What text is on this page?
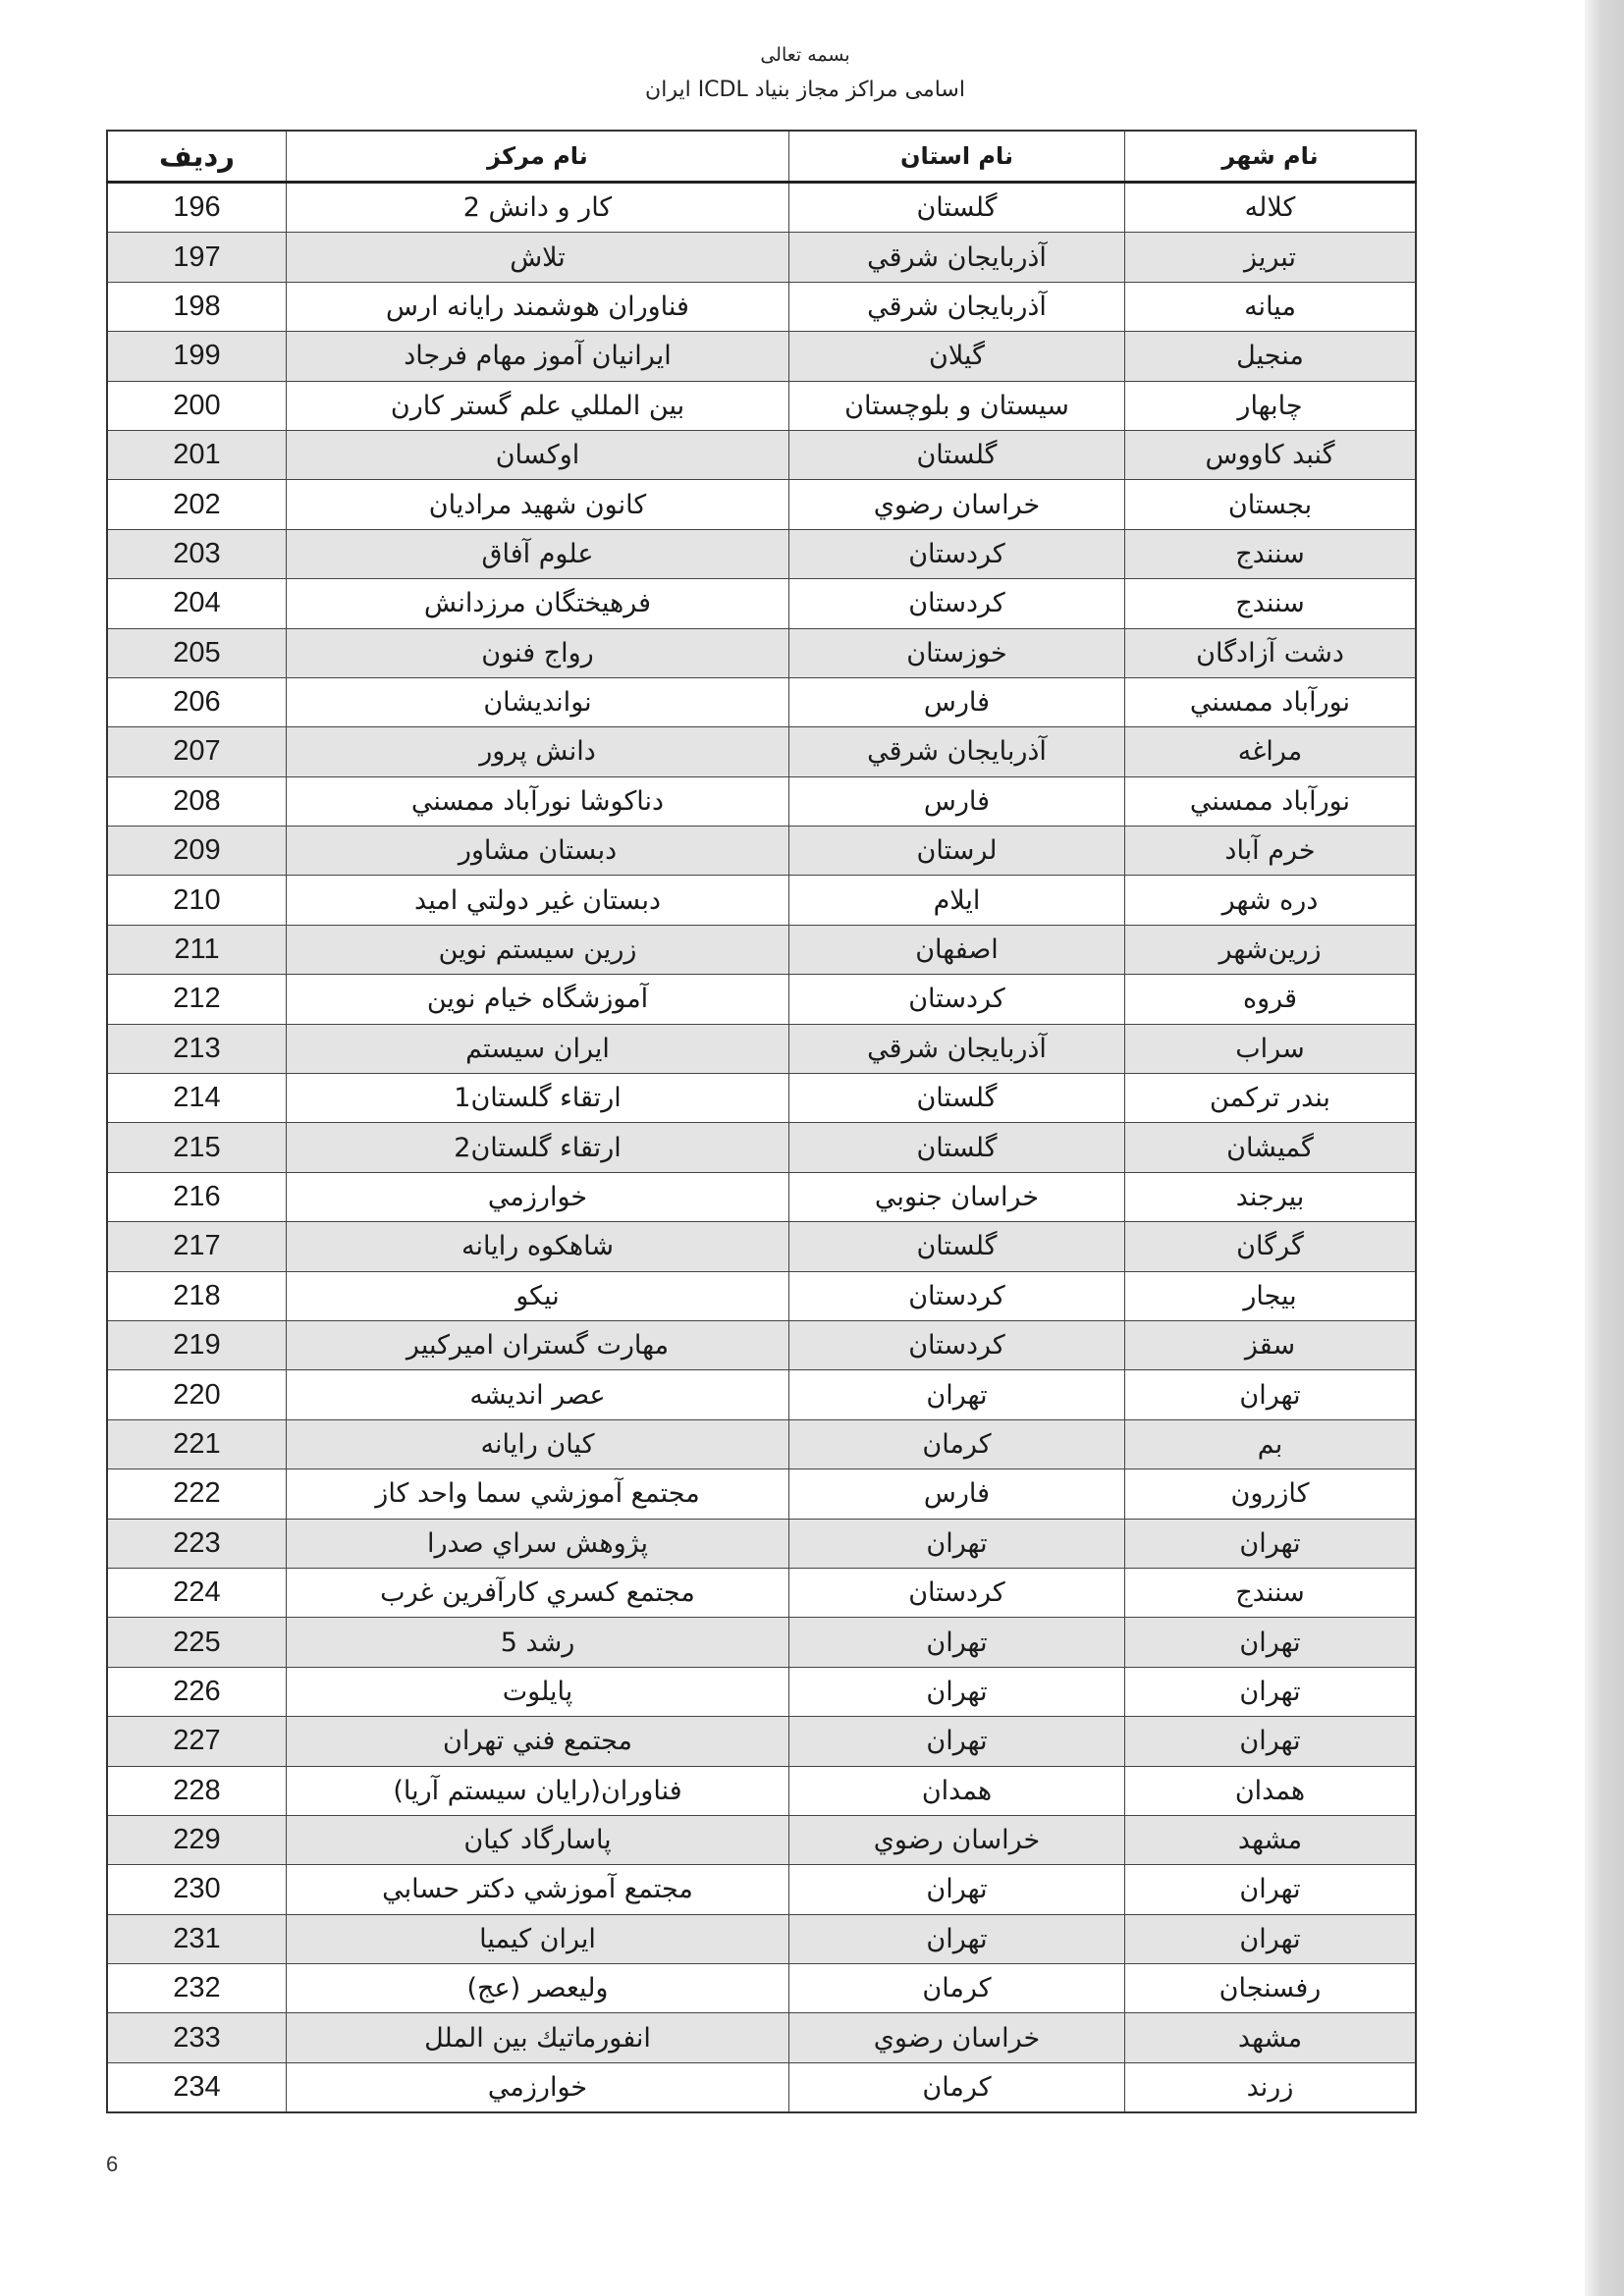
بسمه تعالی
اسامی مراکز مجاز بنیاد ICDL ایران
ردیف	نام مرکز	نام استان	نام شهر
196	کار و دانش 2	گلستان	کلاله
197	تلاش	آذربايجان شرقي	تبریز
198	فناوران هوشمند رایانه ارس	آذربايجان شرقي	میانه
199	ایرانیان آموز مهام فرجاد	گیلان	منجیل
200	بین المللي علم گستر کارن	سیستان و بلوچستان	چابهار
201	اوکسان	گلستان	گنبد کاووس
202	کانون شهید مرادیان	خراسان رضوي	بجستان
203	علوم آفاق	کردستان	سنندج
204	فرهیختگان مرزدانش	کردستان	سنندج
205	رواج فنون	خوزستان	دشت آزادگان
206	نواندیشان	فارس	نورآباد ممسني
207	دانش پرور	آذربايجان شرقي	مراغه
208	دناکوشا نورآباد ممسني	فارس	نورآباد ممسني
209	دبستان مشاور	لرستان	خرم آباد
210	دبستان غیر دولتي امید	ایلام	دره شهر
211	زرین سیستم نوین	اصفهان	زرین‌شهر
212	آموزشگاه خیام نوین	کردستان	قروه
213	ایران سیستم	آذربايجان شرقي	سراب
214	ارتقاء گلستان1	گلستان	بندر ترکمن
215	ارتقاء گلستان2	گلستان	گمیشان
216	خوارزمي	خراسان جنوبي	بیرجند
217	شاهکوه رایانه	گلستان	گرگان
218	نیکو	کردستان	بیجار
219	مهارت گستران امیرکبیر	کردستان	سقز
220	عصر اندیشه	تهران	تهران
221	کیان رایانه	کرمان	بم
222	مجتمع آموزشي سما واحد کاز	فارس	کازرون
223	پژوهش سراي صدرا	تهران	تهران
224	مجتمع کسري کارآفرین غرب	کردستان	سنندج
225	رشد 5	تهران	تهران
226	پایلوت	تهران	تهران
227	مجتمع فني تهران	تهران	تهران
228	فناوران(رایان سیستم آریا)	همدان	همدان
229	پاسارگاد کیان	خراسان رضوي	مشهد
230	مجتمع آموزشي دکتر حسابي	تهران	تهران
231	ایران کیمیا	تهران	تهران
232	ولیعصر (عج)	کرمان	رفسنجان
233	انفورماتیك بین الملل	خراسان رضوي	مشهد
234	خوارزمي	کرمان	زرند
6
